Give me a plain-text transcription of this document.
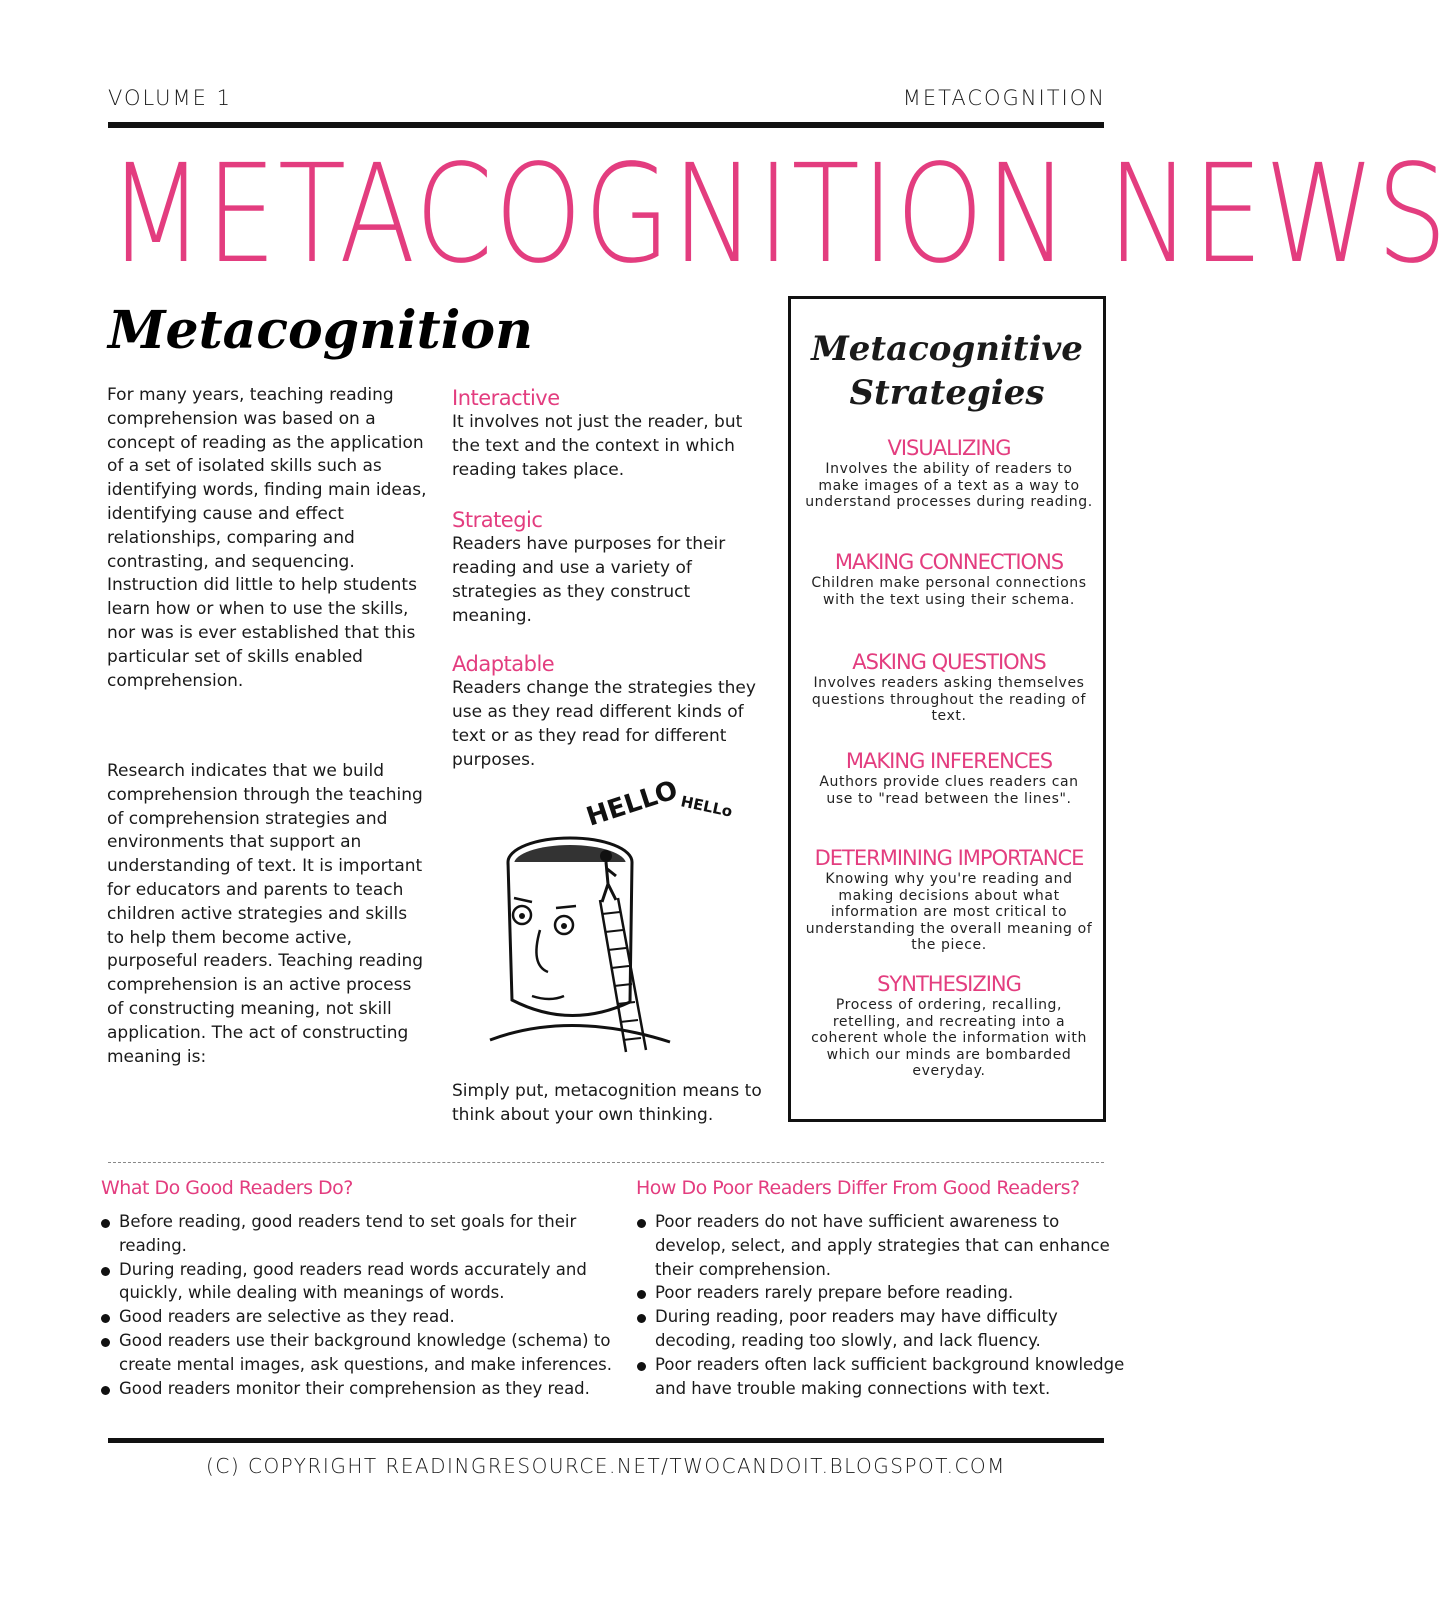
VOLUME 1	METACOGNITION
METACOGNITION NEWS
Metacognition
For many years, teaching reading comprehension was based on a concept of reading as the application of a set of isolated skills such as identifying words, finding main ideas, identifying cause and effect relationships, comparing and contrasting, and sequencing. Instruction did little to help students learn how or when to use the skills, nor was is ever established that this particular set of skills enabled comprehension.
Research indicates that we build comprehension through the teaching of comprehension strategies and environments that support an understanding of text. It is important for educators and parents to teach children active strategies and skills to help them become active, purposeful readers. Teaching reading comprehension is an active process of constructing meaning, not skill application. The act of constructing meaning is:
Interactive
It involves not just the reader, but the text and the context in which reading takes place.
Strategic
Readers have purposes for their reading and use a variety of strategies as they construct meaning.
Adaptable
Readers change the strategies they use as they read different kinds of text or as they read for different purposes.
HELLO
HELLo
Simply put, metacognition means to think about your own thinking.
Metacognitive
Strategies
VISUALIZING
Involves the ability of readers to make images of a text as a way to understand processes during reading.
MAKING CONNECTIONS
Children make personal connections with the text using their schema.
ASKING QUESTIONS
Involves readers asking themselves questions throughout the reading of text.
MAKING INFERENCES
Authors provide clues readers can use to "read between the lines".
DETERMINING IMPORTANCE
Knowing why you're reading and making decisions about what information are most critical to understanding the overall meaning of the piece.
SYNTHESIZING
Process of ordering, recalling, retelling, and recreating into a coherent whole the information with which our minds are bombarded everyday.
What Do Good Readers Do?
Before reading, good readers tend to set goals for their reading.
During reading, good readers read words accurately and quickly, while dealing with meanings of words.
Good readers are selective as they read.
Good readers use their background knowledge (schema) to create mental images, ask questions, and make inferences.
Good readers monitor their comprehension as they read.
How Do Poor Readers Differ From Good Readers?
Poor readers do not have sufficient awareness to develop, select, and apply strategies that can enhance their comprehension.
Poor readers rarely prepare before reading.
During reading, poor readers may have difficulty decoding, reading too slowly, and lack fluency.
Poor readers often lack sufficient background knowledge and have trouble making connections with text.
(C) COPYRIGHT READINGRESOURCE.NET/TWOCANDOIT.BLOGSPOT.COM
